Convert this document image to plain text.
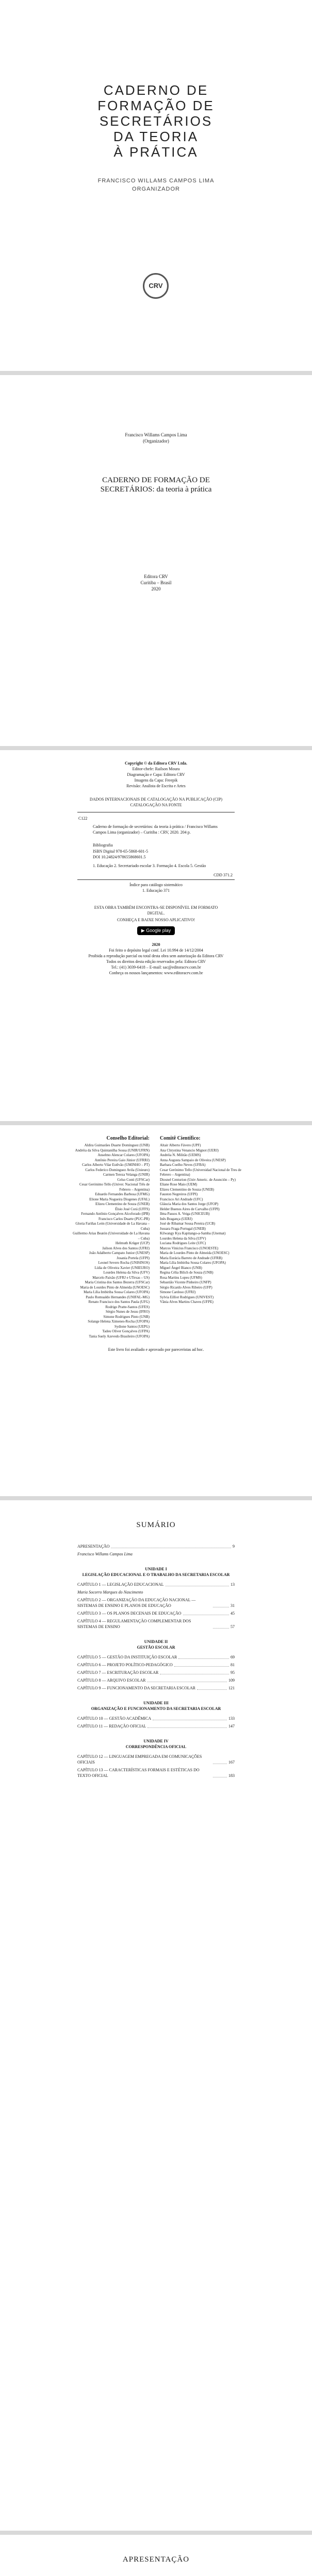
CADERNO DE
FORMAÇÃO DE
SECRETÁRIOS
DA TEORIA
À PRÁTICA
FRANCISCO WILLAMS CAMPOS LIMA
ORGANIZADOR
CRV
Francisco Willams Campos Lima
(Organizador)
CADERNO DE FORMAÇÃO DE SECRETÁRIOS: da teoria à prática
Editora CRV
Curitiba – Brasil
2020
Copyright © da Editora CRV Ltda.
Editor-chefe: Railson Moura
Diagramação e Capa: Editora CRV
Imagens da Capa: Freepik
Revisão: Analista de Escrita e Artes
DADOS INTERNACIONAIS DE CATALOGAÇÃO NA PUBLICAÇÃO (CIP)
CATALOGAÇÃO NA FONTE
C122
Caderno de formação de secretários: da teoria à prática / Francisco Willams Campos Lima (organizador) – Curitiba : CRV, 2020. 204 p.
Bibliografia
ISBN Digital 978-65-5868-601-5
DOI 10.24824/978655868601.5
1. Educação 2. Secretariado escolar 3. Formação 4. Escola 5. Gestão
CDD 371.2
Índice para catálogo sistemático
1. Educação 371
ESTA OBRA TAMBÉM ENCONTRA-SE DISPONÍVEL EM FORMATO DIGITAL.
CONHEÇA E BAIXE NOSSO APLICATIVO!
▶ Google play
2020
Foi feito o depósito legal conf. Lei 10.994 de 14/12/2004
Proibida a reprodução parcial ou total desta obra sem autorização da Editora CRV
Todos os direitos desta edição reservados pela: Editora CRV
Tel.: (41) 3039-6418 – E-mail: sac@editoracrv.com.br
Conheça os nossos lançamentos: www.editoracrv.com.br
Conselho Editorial:
Aldira Guimarães Duarte Domínguez (UNB)
Andréia da Silva Quintanilha Sousa (UNIR/UFRN)
Anselmo Alencar Colares (UFOPA)
Antônio Pereira Gaio Júnior (UFRRJ)
Carlos Alberto Vilar Estêvão (UMINHO – PT)
Carlos Federico Dominguez Avila (Unieuro)
Carmen Tereza Velanga (UNIR)
Celso Conti (UFSCar)
Cesar Gerónimo Tello (Univer. Nacional Três de Febrero – Argentina)
Eduardo Fernandes Barbosa (UFMG)
Elione Maria Nogueira Diogenes (UFAL)
Elizeu Clementino de Souza (UNEB)
Élsio José Corá (UFFS)
Fernando Antônio Gonçalves Alcoforado (IPB)
Francisco Carlos Duarte (PUC-PR)
Gloria Fariñas León (Universidade de La Havana – Cuba)
Guillermo Arias Beatón (Universidade de La Havana – Cuba)
Helmuth Krüger (UCP)
Jailson Alves dos Santos (UFRJ)
João Adalberto Campato Junior (UNESP)
Josania Portela (UFPI)
Leonel Severo Rocha (UNISINOS)
Lídia de Oliveira Xavier (UNIEURO)
Lourdes Helena da Silva (UFV)
Marcelo Paixão (UFRJ e UTexas – US)
Maria Cristina dos Santos Bezerra (UFSCar)
Maria de Lourdes Pinto de Almeida (UNOESC)
Maria Lília Imbiriba Sousa Colares (UFOPA)
Paulo Romualdo Hernandes (UNIFAL-MG)
Renato Francisco dos Santos Paula (UFG)
Rodrigo Pratte-Santos (UFES)
Sérgio Nunes de Jesus (IFRO)
Simone Rodrigues Pinto (UNB)
Solange Helena Ximenes-Rocha (UFOPA)
Sydione Santos (UEPG)
Tadeu Oliver Gonçalves (UFPA)
Tania Suely Azevedo Brasileiro (UFOPA)
Comitê Científico:
Altair Alberto Fávero (UPF)
Ana Chrystina Venancio Mignot (UERJ)
Andréia N. Militão (UEMS)
Anna Augusta Sampaio de Oliveira (UNESP)
Barbara Coelho Neves (UFBA)
Cesar Gerónimo Tello (Universidad Nacional de Tres de Febrero – Argentina)
Diosnel Centurion (Univ Americ. de Asunción – Py)
Eliane Rose Maio (UEM)
Elizeu Clementino de Souza (UNEB)
Fauston Negreiros (UFPI)
Francisco Ari Andrade (UFC)
Gláucia Maria dos Santos Jorge (UFOP)
Helder Buenos Aires de Carvalho (UFPI)
Ilma Passos A. Veiga (UNICEUB)
Inês Bragança (UERJ)
José de Ribamar Sousa Pereira (UCB)
Jussara Fraga Portugal (UNEB)
Kilwangy Kya Kapitango-a-Samba (Unemat)
Lourdes Helena da Silva (UFV)
Luciana Rodrigues Leite (UFC)
Marcos Vinicius Francisco (UNOESTE)
Maria de Lourdes Pinto de Almeida (UNOESC)
Maria Eurácia Barreto de Andrade (UFRB)
Maria Lília Imbiriba Sousa Colares (UFOPA)
Míguel Ángel Bianco (UNB)
Regina Célia Bilich de Souza (UNB)
Rosa Martins Lopes (UFMS)
Sebastião Vicente Pinheiro (UNFP)
Sérgio Ricardo Alves Ribeiro (UFP)
Simone Cardoso (UFRJ)
Sylvia Eilliot Rodrigues (UNIVEST)
Vânia Alves Martins Chaves (UFPE)
Este livro foi avaliado e aprovado por pareceristas ad hoc.
SUMÁRIO
APRESENTAÇÃO	9
Francisco Willams Campos Lima
UNIDADE I
LEGISLAÇÃO EDUCACIONAL E O TRABALHO DA SECRETARIA ESCOLAR
CAPÍTULO 1 — LEGISLAÇÃO EDUCACIONAL	13
Maria Socorro Marques do Nascimento
CAPÍTULO 2 — ORGANIZAÇÃO DA EDUCAÇÃO NACIONAL — SISTEMAS DE ENSINO E PLANOS DE EDUCAÇÃO	31
CAPÍTULO 3 — OS PLANOS DECENAIS DE EDUCAÇÃO	45
CAPÍTULO 4 — REGULAMENTAÇÃO COMPLEMENTAR DOS SISTEMAS DE ENSINO	57
UNIDADE II
GESTÃO ESCOLAR
CAPÍTULO 5 — GESTÃO DA INSTITUIÇÃO ESCOLAR	69
CAPÍTULO 6 — PROJETO POLÍTICO-PEDAGÓGICO	81
CAPÍTULO 7 — ESCRITURAÇÃO ESCOLAR	95
CAPÍTULO 8 — ARQUIVO ESCOLAR	109
CAPÍTULO 9 — FUNCIONAMENTO DA SECRETARIA ESCOLAR	121
UNIDADE III
ORGANIZAÇÃO E FUNCIONAMENTO DA SECRETARIA ESCOLAR
CAPÍTULO 10 — GESTÃO ACADÊMICA	133
CAPÍTULO 11 — REDAÇÃO OFICIAL	147
UNIDADE IV
CORRESPONDÊNCIA OFICIAL
CAPÍTULO 12 — LINGUAGEM EMPREGADA EM COMUNICAÇÕES OFICIAIS	167
CAPÍTULO 13 — CARACTERÍSTICAS FORMAIS E ESTÉTICAS DO TEXTO OFICIAL	183
APRESENTAÇÃO
